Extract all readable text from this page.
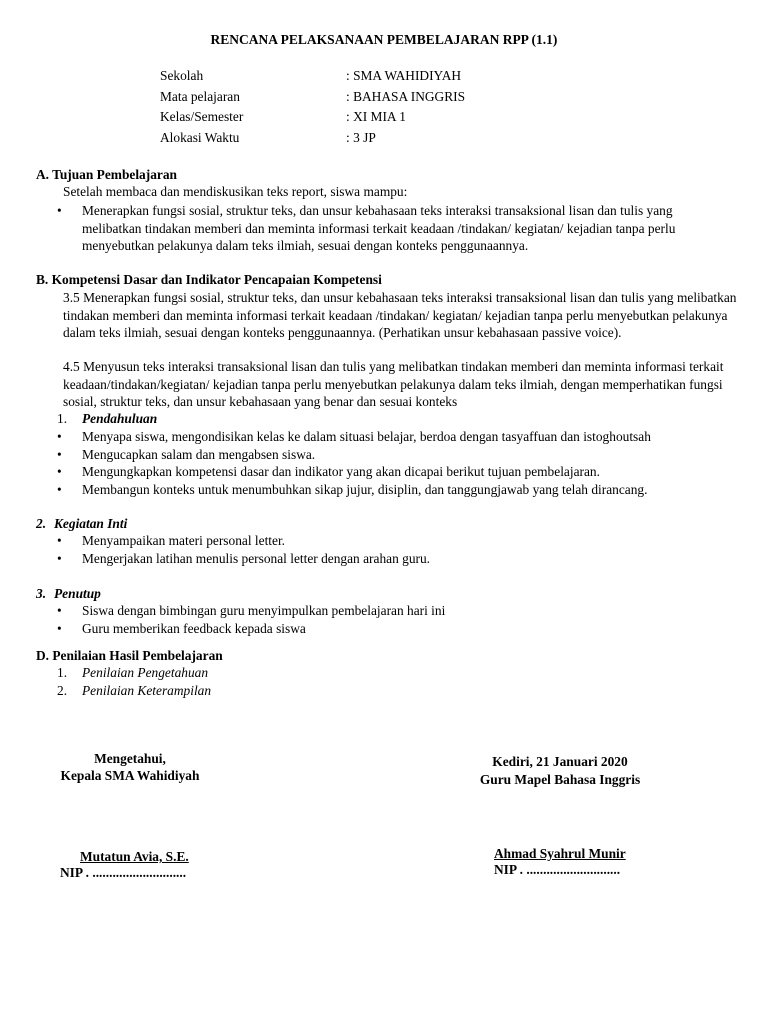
RENCANA PELAKSANAAN PEMBELAJARAN RPP (1.1)
Sekolah	: SMA WAHIDIYAH
Mata pelajaran	: BAHASA INGGRIS
Kelas/Semester	: XI MIA 1
Alokasi Waktu	: 3 JP
A. Tujuan Pembelajaran
Setelah membaca dan mendiskusikan teks report, siswa mampu:
• Menerapkan fungsi sosial, struktur teks, dan unsur kebahasaan teks interaksi transaksional lisan dan tulis yang melibatkan tindakan memberi dan meminta informasi terkait keadaan /tindakan/ kegiatan/ kejadian tanpa perlu menyebutkan pelakunya dalam teks ilmiah, sesuai dengan konteks penggunaannya.
B. Kompetensi Dasar dan Indikator Pencapaian Kompetensi
3.5 Menerapkan fungsi sosial, struktur teks, dan unsur kebahasaan teks interaksi transaksional lisan dan tulis yang melibatkan tindakan memberi dan meminta informasi terkait keadaan /tindakan/ kegiatan/ kejadian tanpa perlu menyebutkan pelakunya dalam teks ilmiah, sesuai dengan konteks penggunaannya. (Perhatikan unsur kebahasaan passive voice).
4.5 Menyusun teks interaksi transaksional lisan dan tulis yang melibatkan tindakan memberi dan meminta informasi terkait keadaan/tindakan/kegiatan/ kejadian tanpa perlu menyebutkan pelakunya dalam teks ilmiah, dengan memperhatikan fungsi sosial, struktur teks, dan unsur kebahasaan yang benar dan sesuai konteks
1. Pendahuluan
• Menyapa siswa, mengondisikan kelas ke dalam situasi belajar, berdoa dengan tasyaffuan dan istoghoutsah
• Mengucapkan salam dan mengabsen siswa.
• Mengungkapkan kompetensi dasar dan indikator yang akan dicapai berikut tujuan pembelajaran.
• Membangun konteks untuk menumbuhkan sikap jujur, disiplin, dan tanggungjawab yang telah dirancang.
2. Kegiatan Inti
• Menyampaikan materi personal letter.
• Mengerjakan latihan menulis personal letter dengan arahan guru.
3. Penutup
• Siswa dengan bimbingan guru menyimpulkan pembelajaran hari ini
• Guru memberikan feedback kepada siswa
D. Penilaian Hasil Pembelajaran
1. Penilaian Pengetahuan
2. Penilaian Keterampilan
Mengetahui,
Kepala SMA Wahidiyah
Mutatun Avia, S.E.
NIP . ............................
Kediri, 21 Januari 2020
Guru Mapel Bahasa Inggris
Ahmad Syahrul Munir
NIP . ............................
